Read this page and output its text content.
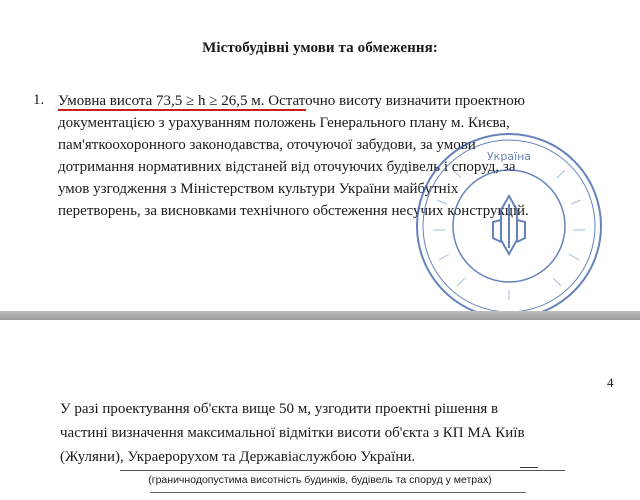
Містобудівні умови та обмеження:
1. Умовна висота 73,5 ≥ h ≥ 26,5 м. Остаточно висоту визначити проектною
документацією з урахуванням положень Генерального плану м. Києва,
пам'яткоохоронного законодавства, оточуючої забудови, за умови
дотримання нормативних відстаней від оточуючих будівель і споруд, за
умов узгодження з Міністерством культури України майбутніх
перетворень, за висновками технічного обстеження несучих конструкцій.
Україна
4
У разі проектування об'єкта вище 50 м, узгодити проектні рішення в
частині визначення максимальної відмітки висоти об'єкта з КП МА Київ
(Жуляни), Украерорухом та Державіаслужбою України.
(граничнодопустима висотність будинків, будівель та споруд у метрах)
